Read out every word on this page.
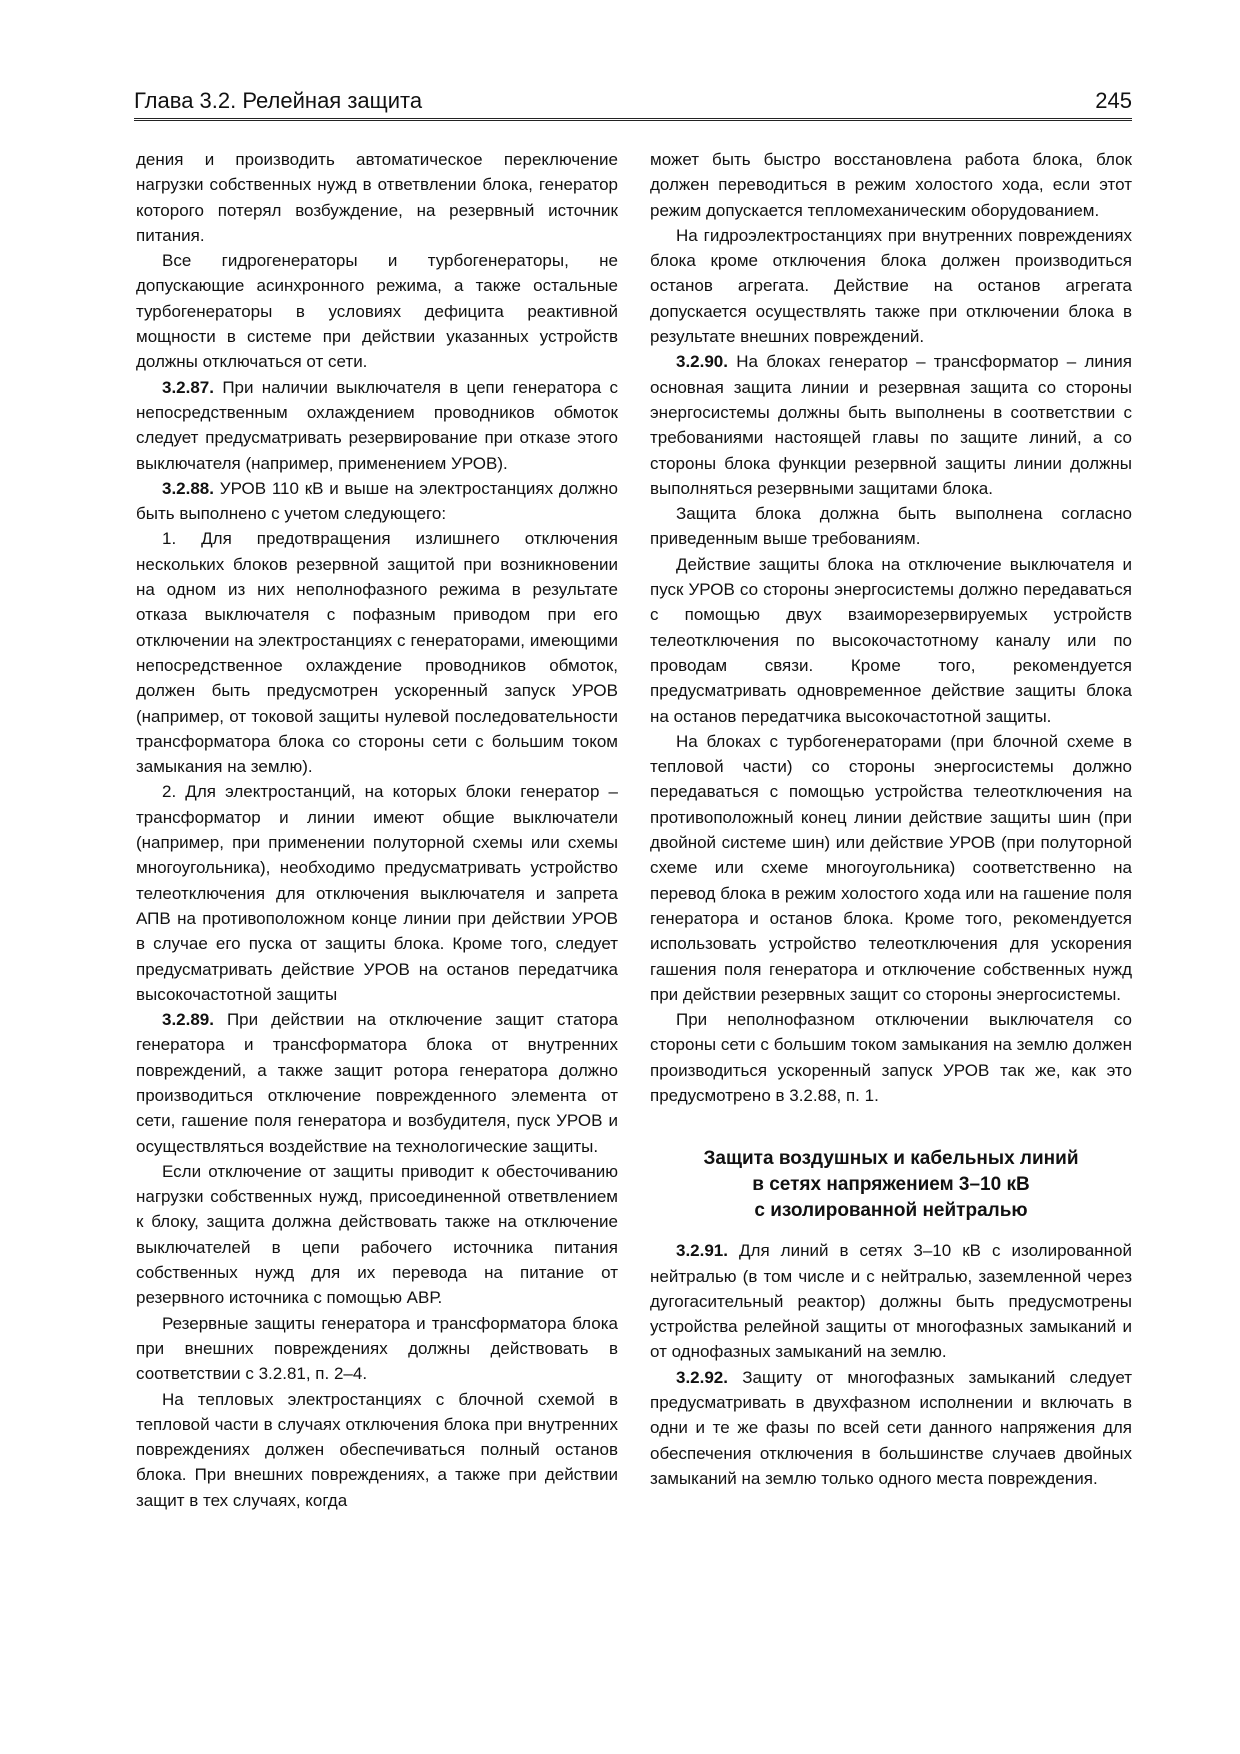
Глава 3.2. Релейная защита	245

дения и производить автоматическое переключение нагрузки собственных нужд в ответвлении блока, генератор которого потерял возбуждение, на резервный источник питания.

Все гидрогенераторы и турбогенераторы, не допускающие асинхронного режима, а также остальные турбогенераторы в условиях дефицита реактивной мощности в системе при действии указанных устройств должны отключаться от сети.

3.2.87. При наличии выключателя в цепи генератора с непосредственным охлаждением проводников обмоток следует предусматривать резервирование при отказе этого выключателя (например, применением УРОВ).

3.2.88. УРОВ 110 кВ и выше на электростанциях должно быть выполнено с учетом следующего:

1. Для предотвращения излишнего отключения нескольких блоков резервной защитой при возникновении на одном из них неполнофазного режима в результате отказа выключателя с пофазным приводом при его отключении на электростанциях с генераторами, имеющими непосредственное охлаждение проводников обмоток, должен быть предусмотрен ускоренный запуск УРОВ (например, от токовой защиты нулевой последовательности трансформатора блока со стороны сети с большим током замыкания на землю).

2. Для электростанций, на которых блоки генератор – трансформатор и линии имеют общие выключатели (например, при применении полуторной схемы или схемы многоугольника), необходимо предусматривать устройство телеотключения для отключения выключателя и запрета АПВ на противоположном конце линии при действии УРОВ в случае его пуска от защиты блока. Кроме того, следует предусматривать действие УРОВ на останов передатчика высокочастотной защиты

3.2.89. При действии на отключение защит статора генератора и трансформатора блока от внутренних повреждений, а также защит ротора генератора должно производиться отключение поврежденного элемента от сети, гашение поля генератора и возбудителя, пуск УРОВ и осуществляться воздействие на технологические защиты.

Если отключение от защиты приводит к обесточиванию нагрузки собственных нужд, присоединенной ответвлением к блоку, защита должна действовать также на отключение выключателей в цепи рабочего источника питания собственных нужд для их перевода на питание от резервного источника с помощью АВР.

Резервные защиты генератора и трансформатора блока при внешних повреждениях должны действовать в соответствии с 3.2.81, п. 2–4.

На тепловых электростанциях с блочной схемой в тепловой части в случаях отключения блока при внутренних повреждениях должен обеспечиваться полный останов блока. При внешних повреждениях, а также при действии защит в тех случаях, когда

может быть быстро восстановлена работа блока, блок должен переводиться в режим холостого хода, если этот режим допускается тепломеханическим оборудованием.

На гидроэлектростанциях при внутренних повреждениях блока кроме отключения блока должен производиться останов агрегата. Действие на останов агрегата допускается осуществлять также при отключении блока в результате внешних повреждений.

3.2.90. На блоках генератор – трансформатор – линия основная защита линии и резервная защита со стороны энергосистемы должны быть выполнены в соответствии с требованиями настоящей главы по защите линий, а со стороны блока функции резервной защиты линии должны выполняться резервными защитами блока.

Защита блока должна быть выполнена согласно приведенным выше требованиям.

Действие защиты блока на отключение выключателя и пуск УРОВ со стороны энергосистемы должно передаваться с помощью двух взаиморезервируемых устройств телеотключения по высокочастотному каналу или по проводам связи. Кроме того, рекомендуется предусматривать одновременное действие защиты блока на останов передатчика высокочастотной защиты.

На блоках с турбогенераторами (при блочной схеме в тепловой части) со стороны энергосистемы должно передаваться с помощью устройства телеотключения на противоположный конец линии действие защиты шин (при двойной системе шин) или действие УРОВ (при полуторной схеме или схеме многоугольника) соответственно на перевод блока в режим холостого хода или на гашение поля генератора и останов блока. Кроме того, рекомендуется использовать устройство телеотключения для ускорения гашения поля генератора и отключение собственных нужд при действии резервных защит со стороны энергосистемы.

При неполнофазном отключении выключателя со стороны сети с большим током замыкания на землю должен производиться ускоренный запуск УРОВ так же, как это предусмотрено в 3.2.88, п. 1.

Защита воздушных и кабельных линий
в сетях напряжением 3–10 кВ
с изолированной нейтралью

3.2.91. Для линий в сетях 3–10 кВ с изолированной нейтралью (в том числе и с нейтралью, заземленной через дугогасительный реактор) должны быть предусмотрены устройства релейной защиты от многофазных замыканий и от однофазных замыканий на землю.

3.2.92. Защиту от многофазных замыканий следует предусматривать в двухфазном исполнении и включать в одни и те же фазы по всей сети данного напряжения для обеспечения отключения в большинстве случаев двойных замыканий на землю только одного места повреждения.
